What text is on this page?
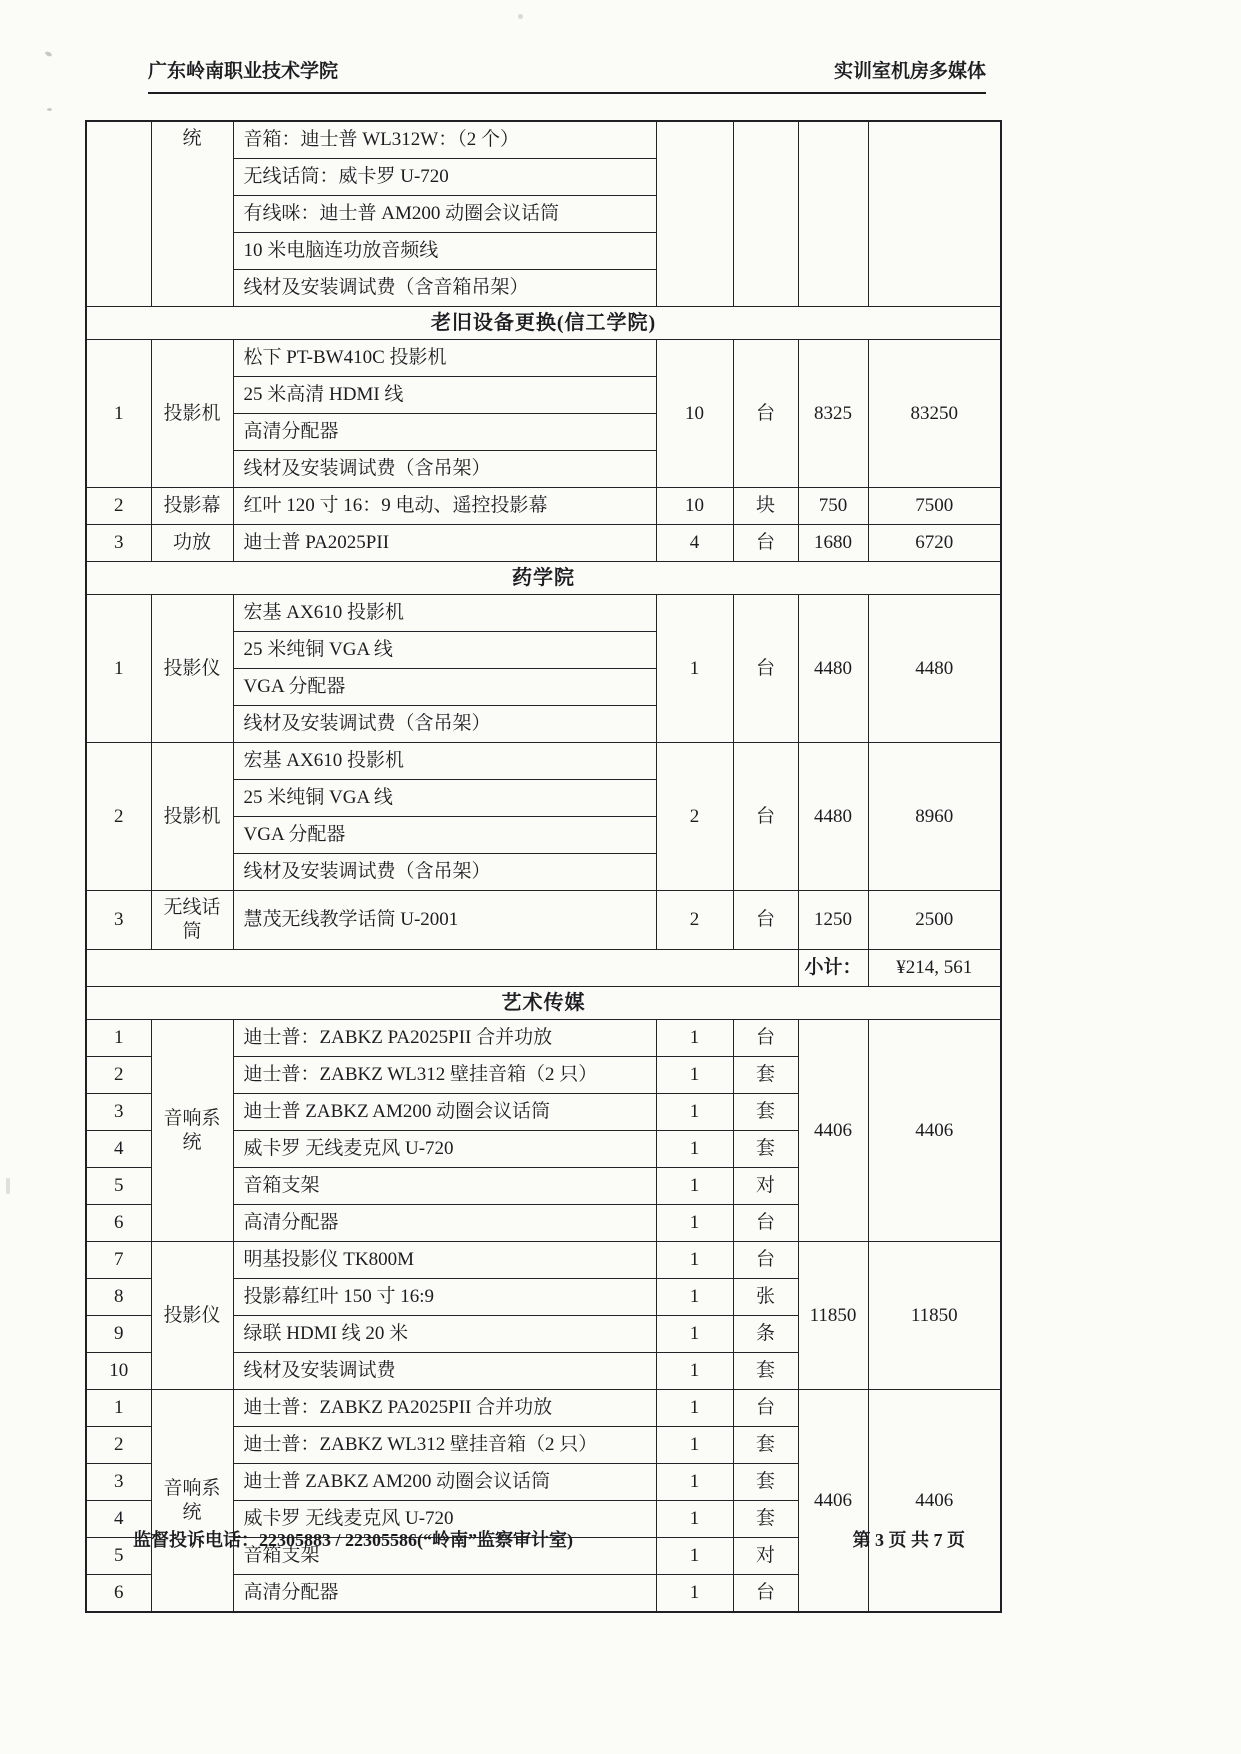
广东岭南职业技术学院	实训室机房多媒体
	统	音箱：迪士普 WL312W：（2 个）				
		无线话筒：威卡罗 U-720				
		有线咪：迪士普 AM200 动圈会议话筒				
		10 米电脑连功放音频线				
		线材及安装调试费（含音箱吊架）				
老旧设备更换(信工学院)						
1	投影机	松下 PT-BW410C 投影机	10	台	8325	83250
		25 米高清 HDMI 线				
		高清分配器				
		线材及安装调试费（含吊架）				
2	投影幕	红叶 120 寸 16：9 电动、遥控投影幕	10	块	750	7500
3	功放	迪士普 PA2025PII	4	台	1680	6720
药学院						
1	投影仪	宏基 AX610 投影机	1	台	4480	4480
		25 米纯铜 VGA 线				
		VGA 分配器				
		线材及安装调试费（含吊架）				
2	投影机	宏基 AX610 投影机	2	台	4480	8960
		25 米纯铜 VGA 线				
		VGA 分配器				
		线材及安装调试费（含吊架）				
3	无线话筒	慧茂无线教学话筒 U-2001	2	台	1250	2500
					小计：	¥214, 561
艺术传媒						
1	音响系统	迪士普：ZABKZ PA2025PII 合并功放	1	台	4406	4406
2		迪士普：ZABKZ WL312 壁挂音箱（2 只）	1	套		
3		迪士普 ZABKZ AM200 动圈会议话筒	1	套		
4		威卡罗 无线麦克风 U-720	1	套		
5		音箱支架	1	对		
6		高清分配器	1	台		
7	投影仪	明基投影仪 TK800M	1	台	11850	11850
8		投影幕红叶 150 寸 16:9	1	张		
9		绿联 HDMI 线 20 米	1	条		
10		线材及安装调试费	1	套		
1	音响系统	迪士普：ZABKZ PA2025PII 合并功放	1	台	4406	4406
2		迪士普：ZABKZ WL312 壁挂音箱（2 只）	1	套		
3		迪士普 ZABKZ AM200 动圈会议话筒	1	套		
4		威卡罗 无线麦克风 U-720	1	套		
5		音箱支架	1	对		
6		高清分配器	1	台		
监督投诉电话：22305883 / 22305586(“岭南”监察审计室)	第 3 页 共 7 页
